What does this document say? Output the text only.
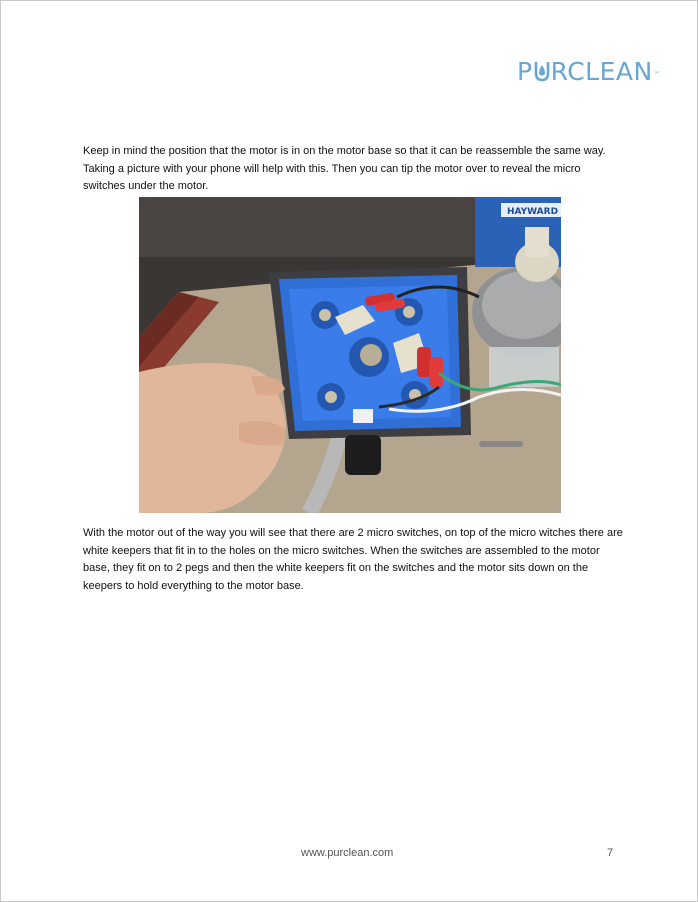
P RCLEAN ™

Keep in mind the position that the motor is in on the motor base so that it can be reassemble the same way. Taking a picture with your phone will help with this. Then you can tip the motor over to reveal the micro switches under the motor.

HAYWARD

With the motor out of the way you will see that there are 2 micro switches, on top of the micro witches there are white keepers that fit in to the holes on the micro switches. When the switches are assembled to the motor base, they fit on to 2 pegs and then the white keepers fit on the switches and the motor sits down on the keepers to hold everything to the motor base.

www.purclean.com	7
